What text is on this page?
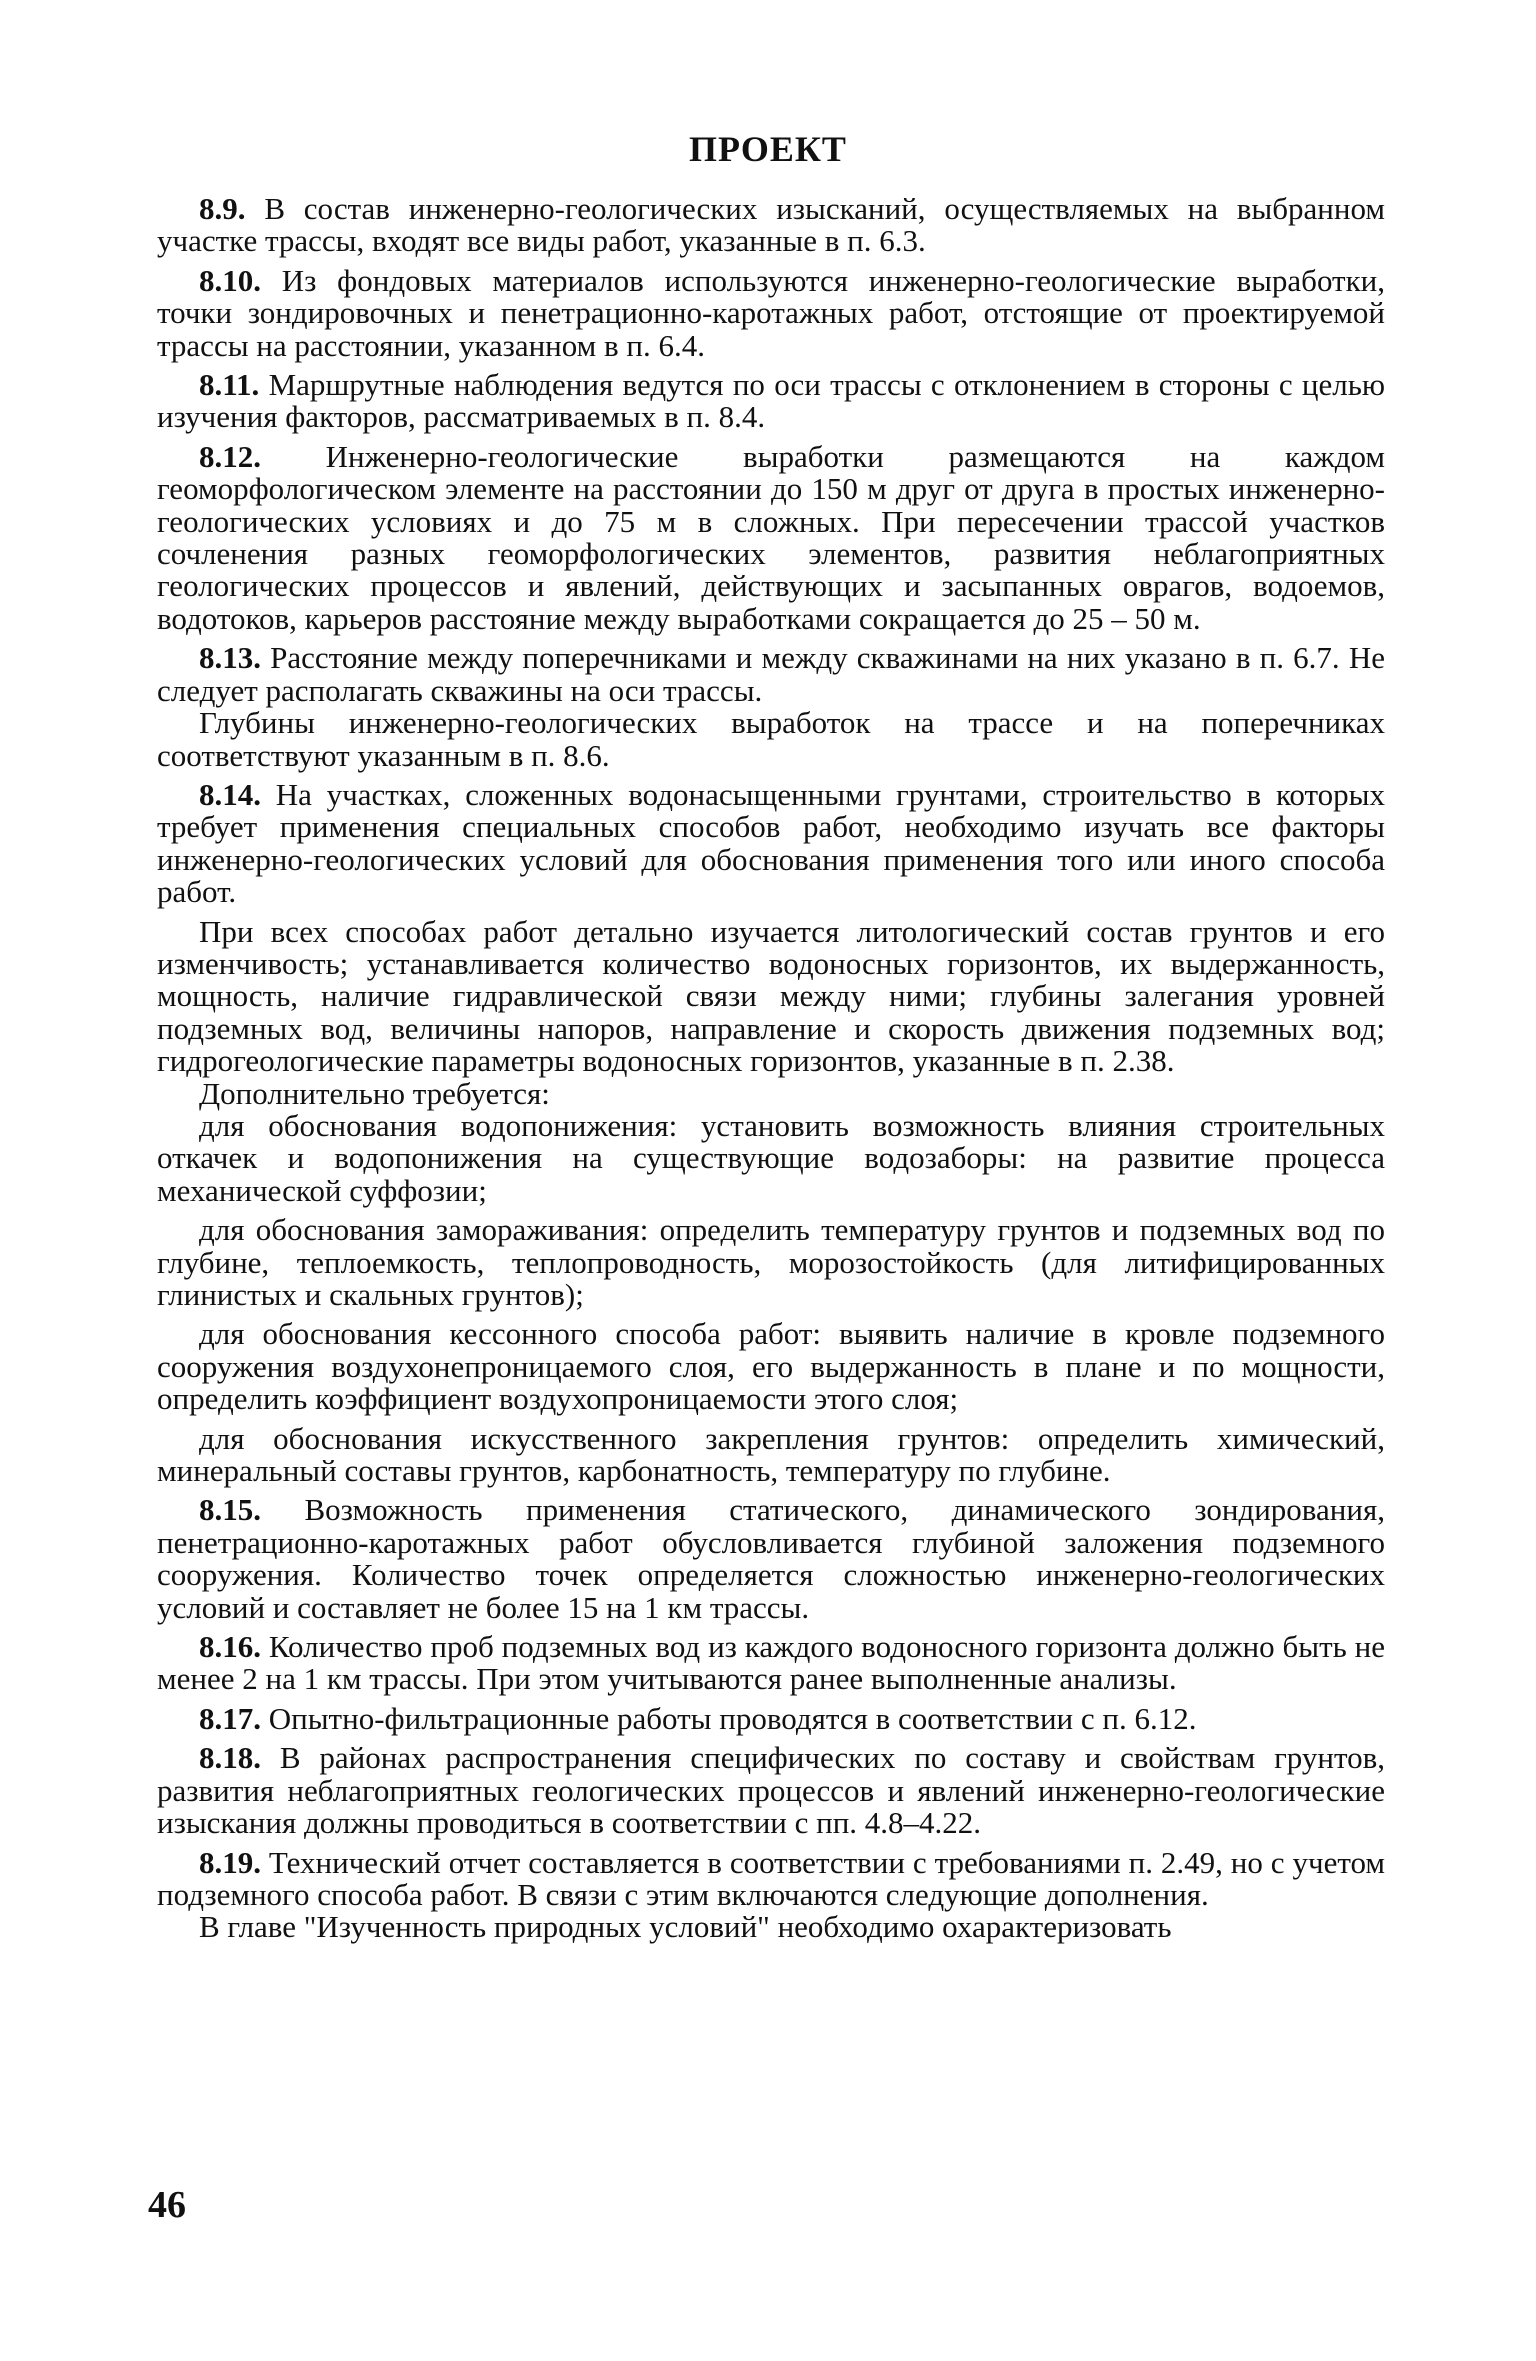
ПРОЕКТ

8.9. В состав инженерно-геологических изысканий, осуществляемых на выбранном участке трассы, входят все виды работ, указанные в п. 6.3.

8.10. Из фондовых материалов используются инженерно-геологические выработки, точки зондировочных и пенетрационно-каротажных работ, отстоящие от проектируемой трассы на расстоянии, указанном в п. 6.4.

8.11. Маршрутные наблюдения ведутся по оси трассы с отклонением в стороны с целью изучения факторов, рассматриваемых в п. 8.4.

8.12. Инженерно-геологические выработки размещаются на каждом геоморфологическом элементе на расстоянии до 150 м друг от друга в простых инженерно-геологических условиях и до 75 м в сложных. При пересечении трассой участков сочленения разных геоморфологических элементов, развития неблагоприятных геологических процессов и явлений, действующих и засыпанных оврагов, водоемов, водотоков, карьеров расстояние между выработками сокращается до 25 – 50 м.

8.13. Расстояние между поперечниками и между скважинами на них указано в п. 6.7. Не следует располагать скважины на оси трассы.

Глубины инженерно-геологических выработок на трассе и на поперечниках соответствуют указанным в п. 8.6.

8.14. На участках, сложенных водонасыщенными грунтами, строительство в которых требует применения специальных способов работ, необходимо изучать все факторы инженерно-геологических условий для обоснования применения того или иного способа работ.

При всех способах работ детально изучается литологический состав грунтов и его изменчивость; устанавливается количество водоносных горизонтов, их выдержанность, мощность, наличие гидравлической связи между ними; глубины залегания уровней подземных вод, величины напоров, направление и скорость движения подземных вод; гидрогеологические параметры водоносных горизонтов, указанные в п. 2.38.

Дополнительно требуется:

для обоснования водопонижения: установить возможность влияния строительных откачек и водопонижения на существующие водозаборы: на развитие процесса механической суффозии;

для обоснования замораживания: определить температуру грунтов и подземных вод по глубине, теплоемкость, теплопроводность, морозостойкость (для литифицированных глинистых и скальных грунтов);

для обоснования кессонного способа работ: выявить наличие в кровле подземного сооружения воздухонепроницаемого слоя, его выдержанность в плане и по мощности, определить коэффициент воздухопроницаемости этого слоя;

для обоснования искусственного закрепления грунтов: определить химический, минеральный составы грунтов, карбонатность, температуру по глубине.

8.15. Возможность применения статического, динамического зондирования, пенетрационно-каротажных работ обусловливается глубиной заложения подземного сооружения. Количество точек определяется сложностью инженерно-геологических условий и составляет не более 15 на 1 км трассы.

8.16. Количество проб подземных вод из каждого водоносного горизонта должно быть не менее 2 на 1 км трассы. При этом учитываются ранее выполненные анализы.

8.17. Опытно-фильтрационные работы проводятся в соответствии с п. 6.12.

8.18. В районах распространения специфических по составу и свойствам грунтов, развития неблагоприятных геологических процессов и явлений инженерно-геологические изыскания должны проводиться в соответствии с пп. 4.8–4.22.

8.19. Технический отчет составляется в соответствии с требованиями п. 2.49, но с учетом подземного способа работ. В связи с этим включаются следующие дополнения.

В главе "Изученность природных условий" необходимо охарактеризовать

46
